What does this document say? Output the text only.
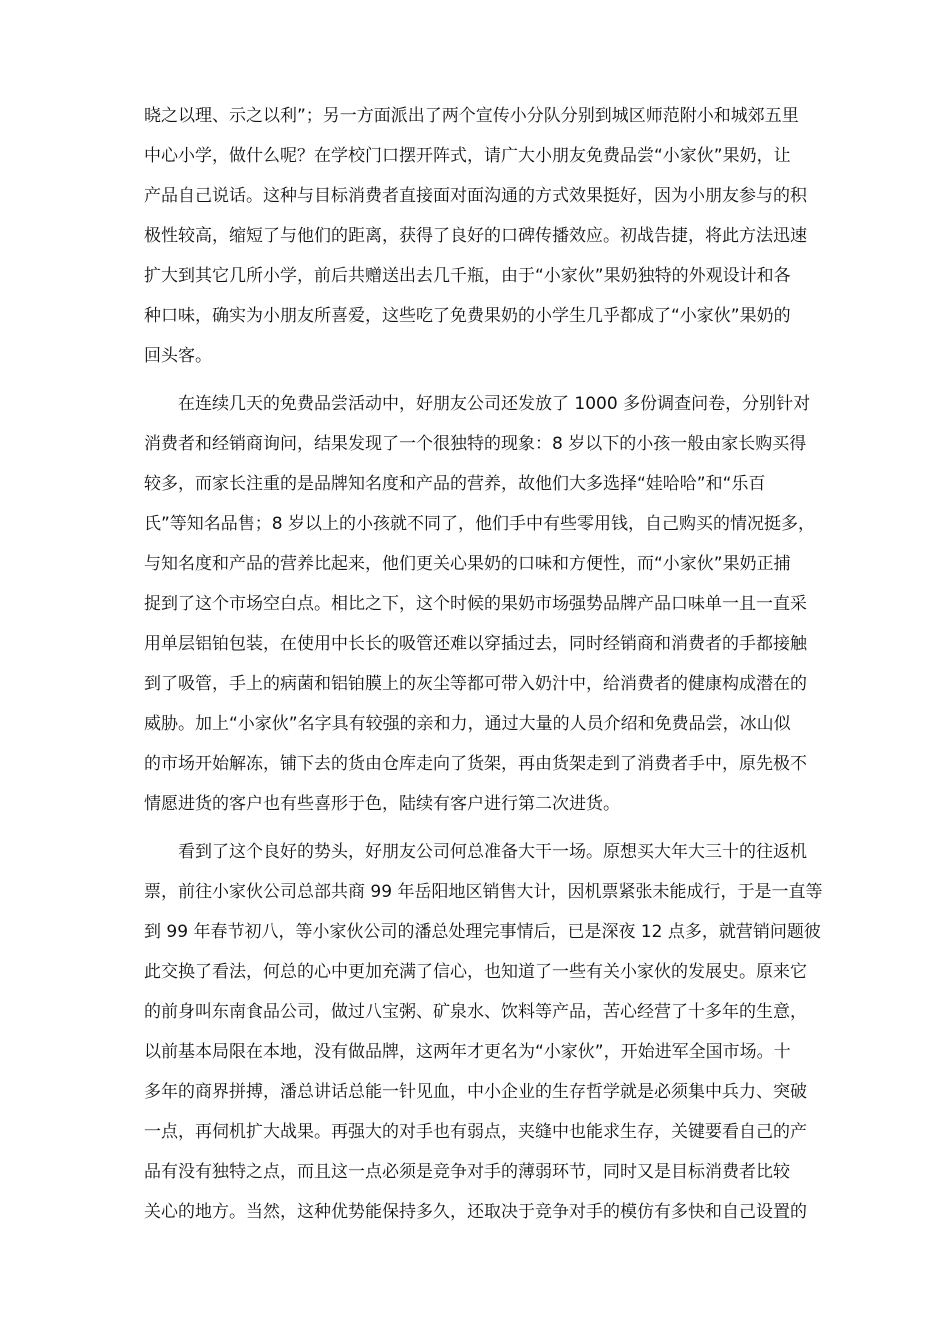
晓之以理、示之以利”；另一方面派出了两个宣传小分队分别到城区师范附小和城郊五里
中心小学，做什么呢？在学校门口摆开阵式，请广大小朋友免费品尝“小家伙”果奶，让
产品自己说话。这种与目标消费者直接面对面沟通的方式效果挺好，因为小朋友参与的积
极性较高，缩短了与他们的距离，获得了良好的口碑传播效应。初战告捷，将此方法迅速
扩大到其它几所小学，前后共赠送出去几千瓶，由于“小家伙”果奶独特的外观设计和各
种口味，确实为小朋友所喜爱，这些吃了免费果奶的小学生几乎都成了“小家伙”果奶的
回头客。
在连续几天的免费品尝活动中，好朋友公司还发放了 1000 多份调查问卷，分别针对
消费者和经销商询问，结果发现了一个很独特的现象：8 岁以下的小孩一般由家长购买得
较多，而家长注重的是品牌知名度和产品的营养，故他们大多选择“娃哈哈”和“乐百
氏”等知名品售；8 岁以上的小孩就不同了，他们手中有些零用钱，自己购买的情况挺多，
与知名度和产品的营养比起来，他们更关心果奶的口味和方便性，而“小家伙”果奶正捕
捉到了这个市场空白点。相比之下，这个时候的果奶市场强势品牌产品口味单一且一直采
用单层铝铂包装，在使用中长长的吸管还难以穿插过去，同时经销商和消费者的手都接触
到了吸管，手上的病菌和铝铂膜上的灰尘等都可带入奶汁中，给消费者的健康构成潜在的
威胁。加上“小家伙”名字具有较强的亲和力，通过大量的人员介绍和免费品尝，冰山似
的市场开始解冻，铺下去的货由仓库走向了货架，再由货架走到了消费者手中，原先极不
情愿进货的客户也有些喜形于色，陆续有客户进行第二次进货。
看到了这个良好的势头，好朋友公司何总准备大干一场。原想买大年大三十的往返机
票，前往小家伙公司总部共商 99 年岳阳地区销售大计，因机票紧张未能成行，于是一直等
到 99 年春节初八，等小家伙公司的潘总处理完事情后，已是深夜 12 点多，就营销问题彼
此交换了看法，何总的心中更加充满了信心，也知道了一些有关小家伙的发展史。原来它
的前身叫东南食品公司，做过八宝粥、矿泉水、饮料等产品，苦心经营了十多年的生意，
以前基本局限在本地，没有做品牌，这两年才更名为“小家伙”，开始进军全国市场。十
多年的商界拼搏，潘总讲话总能一针见血，中小企业的生存哲学就是必须集中兵力、突破
一点，再伺机扩大战果。再强大的对手也有弱点，夹缝中也能求生存，关键要看自己的产
品有没有独特之点，而且这一点必须是竞争对手的薄弱环节，同时又是目标消费者比较
关心的地方。当然，这种优势能保持多久，还取决于竞争对手的模仿有多快和自己设置的
